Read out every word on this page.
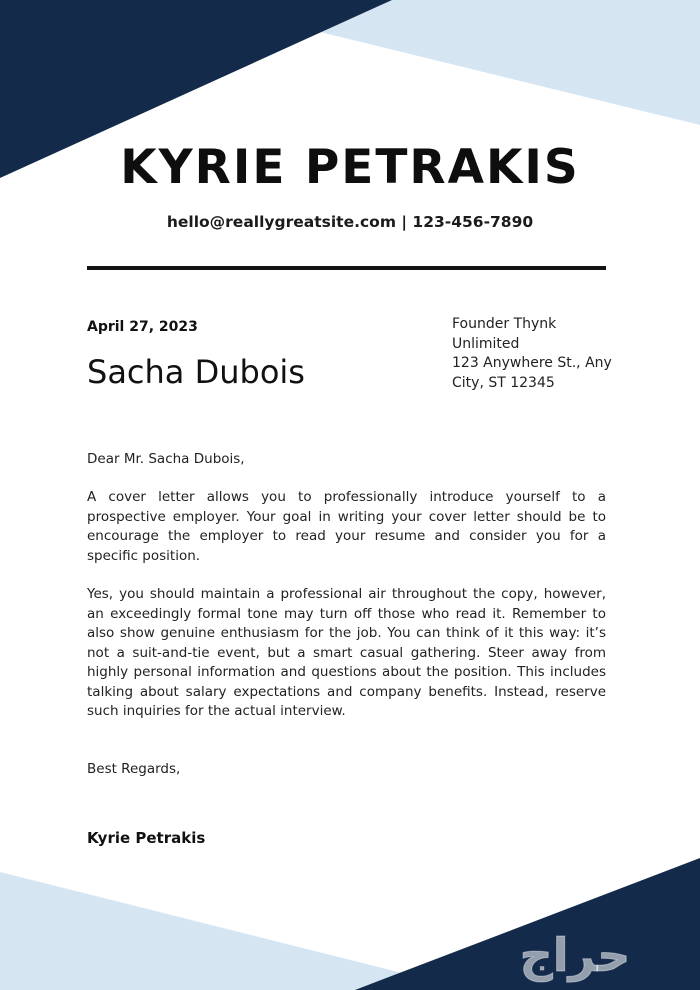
KYRIE PETRAKIS
hello@reallygreatsite.com | 123-456-7890
April 27, 2023
Sacha Dubois
Founder Thynk
Unlimited
123 Anywhere St., Any
City, ST 12345
Dear Mr. Sacha Dubois,
A cover letter allows you to professionally introduce yourself to a prospective employer. Your goal in writing your cover letter should be to encourage the employer to read your resume and consider you for a specific position.
Yes, you should maintain a professional air throughout the copy, however, an exceedingly formal tone may turn off those who read it. Remember to also show genuine enthusiasm for the job. You can think of it this way: it’s not a suit-and-tie event, but a smart casual gathering. Steer away from highly personal information and questions about the position. This includes talking about salary expectations and company benefits. Instead, reserve such inquiries for the actual interview.
Best Regards,
Kyrie Petrakis
حراج
